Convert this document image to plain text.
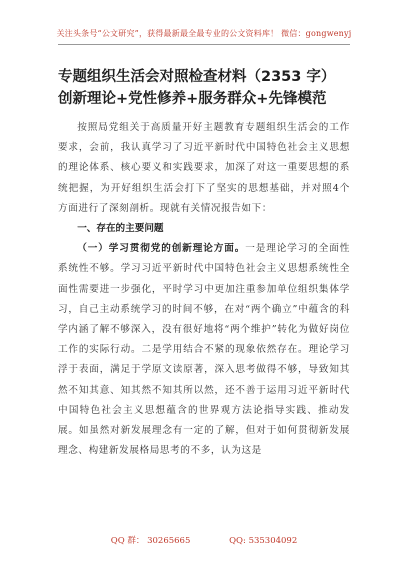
关注头条号“公文研究”，获得最新最全最专业的公文资料库！ 微信：gongwenyj
专题组织生活会对照检查材料（2353 字）
创新理论+党性修养+服务群众+先锋模范

按照局党组关于高质量开好主题教育专题组织生活会的工作要求，会前，我认真学习了习近平新时代中国特色社会主义思想的理论体系、核心要义和实践要求，加深了对这一重要思想的系统把握，为开好组织生活会打下了坚实的思想基础，并对照4个方面进行了深刻剖析。现就有关情况报告如下：

一、存在的主要问题

（一）学习贯彻党的创新理论方面。一是理论学习的全面性系统性不够。学习习近平新时代中国特色社会主义思想系统性全面性需要进一步强化，平时学习中更加注重参加单位组织集体学习，自己主动系统学习的时间不够，在对“两个确立”中蕴含的科学内涵了解不够深入，没有很好地将“两个维护”转化为做好岗位工作的实际行动。二是学用结合不紧的现象依然存在。理论学习浮于表面，满足于学原文读原著，深入思考做得不够，导致知其然不知其意、知其然不知其所以然，还不善于运用习近平新时代中国特色社会主义思想蕴含的世界观方法论指导实践、推动发展。如虽然对新发展理念有一定的了解，但对于如何贯彻新发展理念、构建新发展格局思考的不多，认为这是

QQ 群： 30265665	QQ: 535304092
